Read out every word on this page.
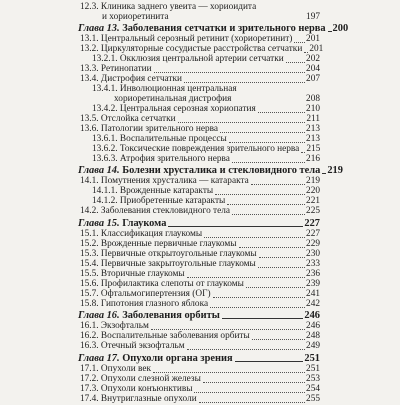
12.3. Клиника заднего увеита — хориоидита
и хориоретинита	197
Глава 13. Заболевания сетчатки и зрительного нерва 200
13.1. Центральный серозный ретинит (хориоретинит) 201
13.2. Циркуляторные сосудистые расстройства сетчатки 201
13.2.1. Окклюзия центральной артерии сетчатки 202
13.3. Ретинопатии	204
13.4. Дистрофия сетчатки	207
13.4.1. Инволюционная центральная
хориоретинальная дистрофия	208
13.4.2. Центральная серозная хориопатия	210
13.5. Отслойка сетчатки	211
13.6. Патологии зрительного нерва	213
13.6.1. Воспалительные процессы	213
13.6.2. Токсические повреждения зрительного нерва 215
13.6.3. Атрофия зрительного нерва	216
Глава 14. Болезни хрусталика и стекловидного тела 219
14.1. Помутнения хрусталика — катаракта	219
14.1.1. Врожденные катаракты	220
14.1.2. Приобретенные катаракты	221
14.2. Заболевания стекловидного тела	225
Глава 15. Глаукома	227
15.1. Классификация глаукомы	227
15.2. Врожденные первичные глаукомы	229
15.3. Первичные открытоугольные глаукомы	230
15.4. Первичные закрытоугольные глаукомы	233
15.5. Вторичные глаукомы	236
15.6. Профилактика слепоты от глаукомы	239
15.7. Офтальмогипертензия (ОГ)	241
15.8. Гипотония глазного яблока	242
Глава 16. Заболевания орбиты	246
16.1. Экзофтальм	246
16.2. Воспалительные заболевания орбиты	248
16.3. Отечный экзофтальм	249
Глава 17. Опухоли органа зрения	251
17.1. Опухоли век	251
17.2. Опухоли слезной железы	253
17.3. Опухоли конъюнктивы	254
17.4. Внутриглазные опухоли	255
